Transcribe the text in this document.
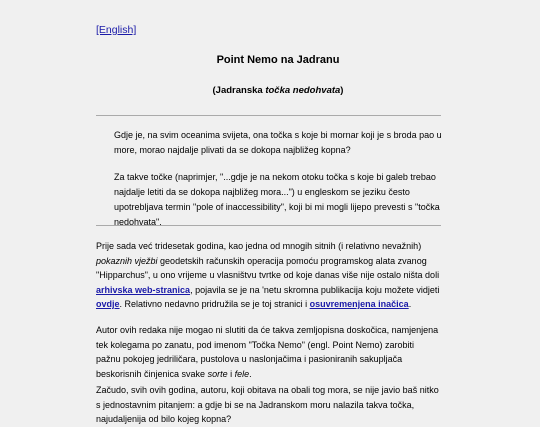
[English]
Point Nemo na Jadranu
(Jadranska točka nedohvata)
Gdje je, na svim oceanima svijeta, ona točka s koje bi mornar koji je s broda pao u more, morao najdalje plivati da se dokopa najbližeg kopna?
Za takve točke (naprimjer, "...gdje je na nekom otoku točka s koje bi galeb trebao najdalje letiti da se dokopa najbližeg mora...") u engleskom se jeziku često upotrebljava termin "pole of inaccessibility", koji bi mi mogli lijepo prevesti s "točka nedohvata".
Prije sada već tridesetak godina, kao jedna od mnogih sitnih (i relativno nevažnih) pokaznih vježbi geodetskih računskih operacija pomoću programskog alata zvanog "Hipparchus", u ono vrijeme u vlasništvu tvrtke od koje danas više nije ostalo ništa doli arhivska web-stranica, pojavila se je na 'netu skromna publikacija koju možete vidjeti ovdje. Relativno nedavno pridružila se je toj stranici i osuvremenjena inačica.
Autor ovih redaka nije mogao ni slutiti da će takva zemljopisna doskočica, namjenjena tek kolegama po zanatu, pod imenom "Točka Nemo" (engl. Point Nemo) zarobiti pažnu pokojeg jedriličara, pustolova u naslonjačima i pasioniranih sakupljača beskorisnih činjenica svake sorte i fele.
Začudo, svih ovih godina, autoru, koji obitava na obali tog mora, se nije javio baš nitko s jednostavnim pitanjem: a gdje bi se na Jadranskom moru nalazila takva točka, najudaljenija od bilo kojeg kopna?
